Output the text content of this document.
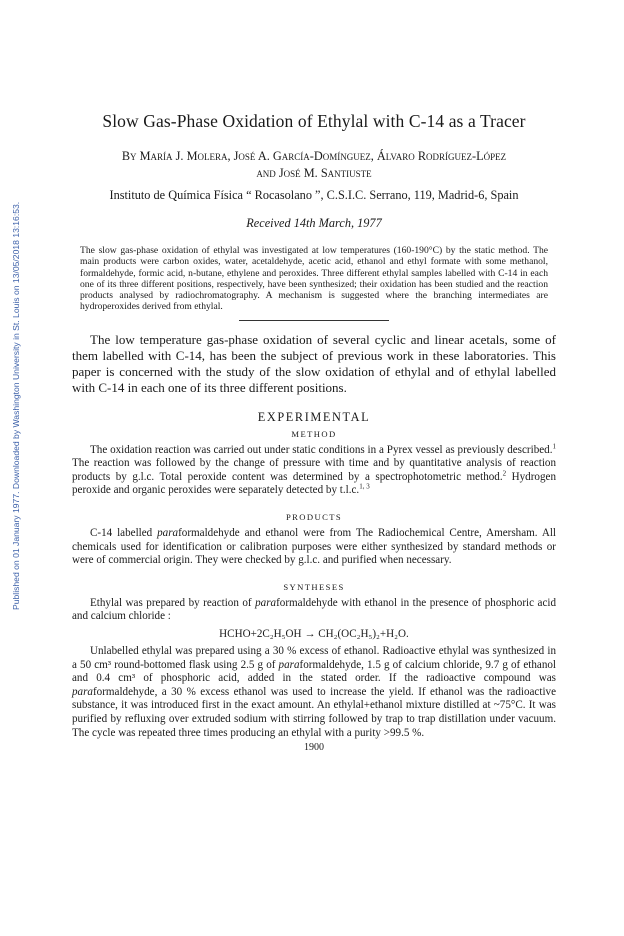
Published on 01 January 1977. Downloaded by Washington University in St. Louis on 13/05/2018 13:16:53.
Slow Gas-Phase Oxidation of Ethylal with C-14 as a Tracer
By María J. Molera, José A. García-Domínguez, Álvaro Rodríguez-López
and José M. Santiuste
Instituto de Química Física “ Rocasolano ”, C.S.I.C. Serrano, 119, Madrid-6, Spain
Received 14th March, 1977
The slow gas-phase oxidation of ethylal was investigated at low temperatures (160-190°C) by the static method. The main products were carbon oxides, water, acetaldehyde, acetic acid, ethanol and ethyl formate with some methanol, formaldehyde, formic acid, n-butane, ethylene and peroxides. Three different ethylal samples labelled with C-14 in each one of its three different positions, respectively, have been synthesized; their oxidation has been studied and the reaction products analysed by radiochromatography. A mechanism is suggested where the branching intermediates are hydroperoxides derived from ethylal.

The low temperature gas-phase oxidation of several cyclic and linear acetals, some of them labelled with C-14, has been the subject of previous work in these laboratories. This paper is concerned with the study of the slow oxidation of ethylal and of ethylal labelled with C-14 in each one of its three different positions.

EXPERIMENTAL
METHOD

The oxidation reaction was carried out under static conditions in a Pyrex vessel as previously described.$^1$ The reaction was followed by the change of pressure with time and by quantitative analysis of reaction products by g.l.c. Total peroxide content was determined by a spectrophotometric method.$^2$ Hydrogen peroxide and organic peroxides were separately detected by t.l.c.$^{1, 3}$

PRODUCTS

C-14 labelled paraformaldehyde and ethanol were from The Radiochemical Centre, Amersham. All chemicals used for identification or calibration purposes were either synthesized by standard methods or were of commercial origin. They were checked by g.l.c. and purified when necessary.

SYNTHESES

Ethylal was prepared by reaction of paraformaldehyde with ethanol in the presence of phosphoric acid and calcium chloride :

HCHO+2C₂H₅OH → CH₂(OC₂H₅)₂+H₂O.

Unlabelled ethylal was prepared using a 30 % excess of ethanol. Radioactive ethylal was synthesized in a 50 cm³ round-bottomed flask using 2.5 g of paraformaldehyde, 1.5 g of calcium chloride, 9.7 g of ethanol and 0.4 cm³ of phosphoric acid, added in the stated order. If the radioactive compound was paraformaldehyde, a 30 % excess ethanol was used to increase the yield. If ethanol was the radioactive substance, it was introduced first in the exact amount. An ethylal+ethanol mixture distilled at ~75°C. It was purified by refluxing over extruded sodium with stirring followed by trap to trap distillation under vacuum. The cycle was repeated three times producing an ethylal with a purity >99.5 %.

1900
